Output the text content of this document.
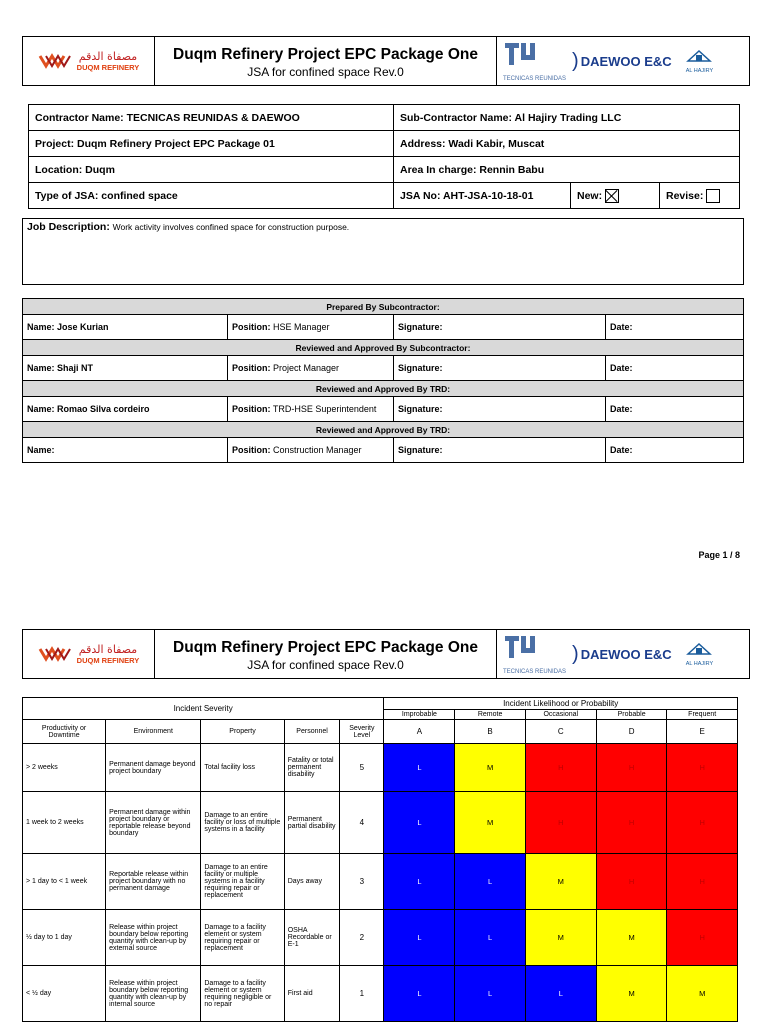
مصفاة الدقم
DUQM REFINERY
Duqm Refinery Project EPC Package One
JSA for confined space Rev.0	TECNICAS REUNIDAS
) DAEWOO E&C
AL HAJIRY
Contractor Name: TECNICAS REUNIDAS & DAEWOO	Sub-Contractor Name: Al Hajiry Trading LLC		
Project: Duqm Refinery Project EPC Package 01	Address: Wadi Kabir, Muscat		
Location: Duqm	Area In charge: Rennin Babu		
Type of JSA: confined space	JSA No: AHT-JSA-10-18-01	New:	Revise:
Job Description: Work activity involves confined space for construction purpose.
Prepared By Subcontractor:			
Name: Jose Kurian	Position: HSE Manager	Signature:	Date:
Reviewed and Approved By Subcontractor:			
Name: Shaji NT	Position: Project Manager	Signature:	Date:
Reviewed and Approved By TRD:			
Name: Romao Silva cordeiro	Position: TRD-HSE Superintendent	Signature:	Date:
Reviewed and Approved By TRD:			
Name:	Position: Construction Manager	Signature:	Date:
Page 1 / 8
مصفاة الدقم
DUQM REFINERY
Duqm Refinery Project EPC Package One
JSA for confined space Rev.0	TECNICAS REUNIDAS
) DAEWOO E&C
AL HAJIRY
Incident Severity					Incident Likelihood or Probability				
					Improbable	Remote	Occasional	Probable	Frequent
Productivity or Downtime	Environment	Property	Personnel	Severity Level	A	B	C	D	E
> 2 weeks	Permanent damage beyond project boundary	Total facility loss	Fatality or total permanent disability	5	L	M	H	H	H
1 week to 2 weeks	Permanent damage within project boundary or reportable release beyond boundary	Damage to an entire facility or loss of multiple systems in a facility	Permanent partial disability	4	L	M	H	H	H
> 1 day to < 1 week	Reportable release within project boundary with no permanent damage	Damage to an entire facility or multiple systems in a facility requiring repair or replacement	Days away	3	L	L	M	H	H
½ day to 1 day	Release within project boundary below reporting quantity with clean-up by external source	Damage to a facility element or system requiring repair or replacement	OSHA Recordable or E-1	2	L	L	M	M	H
< ½ day	Release within project boundary below reporting quantity with clean-up by internal source	Damage to a facility element or system requiring negligible or no repair	First aid	1	L	L	L	M	M
